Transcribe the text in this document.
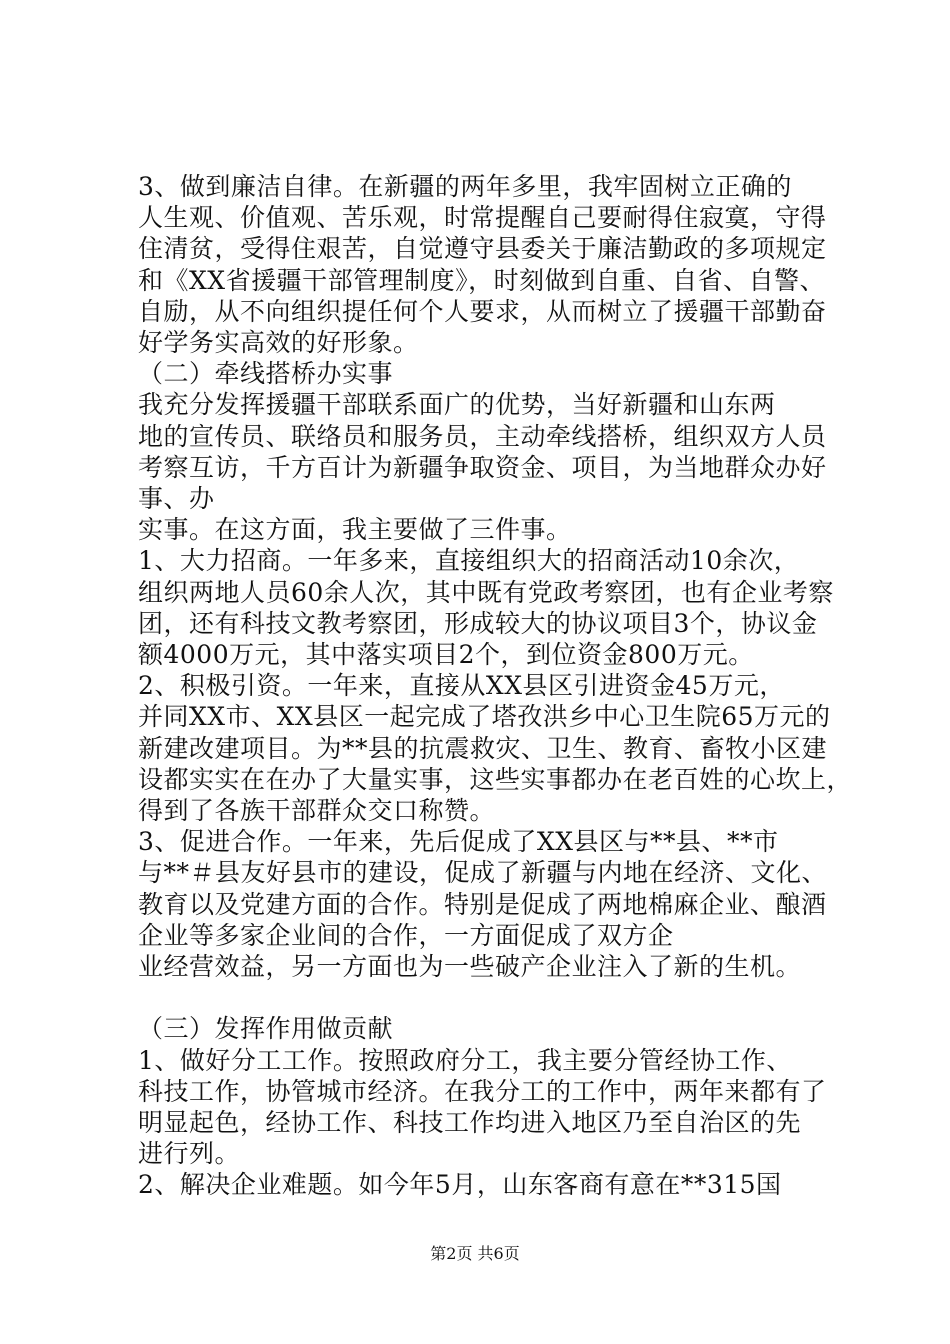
3、做到廉洁自律。在新疆的两年多里，我牢固树立正确的
人生观、价值观、苦乐观，时常提醒自己要耐得住寂寞，守得
住清贫，受得住艰苦，自觉遵守县委关于廉洁勤政的多项规定
和《XX省援疆干部管理制度》，时刻做到自重、自省、自警、
自励，从不向组织提任何个人要求，从而树立了援疆干部勤奋
好学务实高效的好形象。
（二）牵线搭桥办实事
我充分发挥援疆干部联系面广的优势，当好新疆和山东两
地的宣传员、联络员和服务员，主动牵线搭桥，组织双方人员
考察互访，千方百计为新疆争取资金、项目，为当地群众办好
事、办
实事。在这方面，我主要做了三件事。
1、大力招商。一年多来，直接组织大的招商活动10余次，
组织两地人员60余人次，其中既有党政考察团，也有企业考察
团，还有科技文教考察团，形成较大的协议项目3个，协议金
额4000万元，其中落实项目2个，到位资金800万元。
2、积极引资。一年来，直接从XX县区引进资金45万元，
并同XX市、XX县区一起完成了塔孜洪乡中心卫生院65万元的
新建改建项目。为**县的抗震救灾、卫生、教育、畜牧小区建
设都实实在在办了大量实事，这些实事都办在老百姓的心坎上，
得到了各族干部群众交口称赞。
3、促进合作。一年来，先后促成了XX县区与**县、**市
与**＃县友好县市的建设，促成了新疆与内地在经济、文化、
教育以及党建方面的合作。特别是促成了两地棉麻企业、酿酒
企业等多家企业间的合作，一方面促成了双方企
业经营效益，另一方面也为一些破产企业注入了新的生机。
（三）发挥作用做贡献
1、做好分工工作。按照政府分工，我主要分管经协工作、
科技工作，协管城市经济。在我分工的工作中，两年来都有了
明显起色，经协工作、科技工作均进入地区乃至自治区的先
进行列。
2、解决企业难题。如今年5月，山东客商有意在**315国
第2页 共6页
